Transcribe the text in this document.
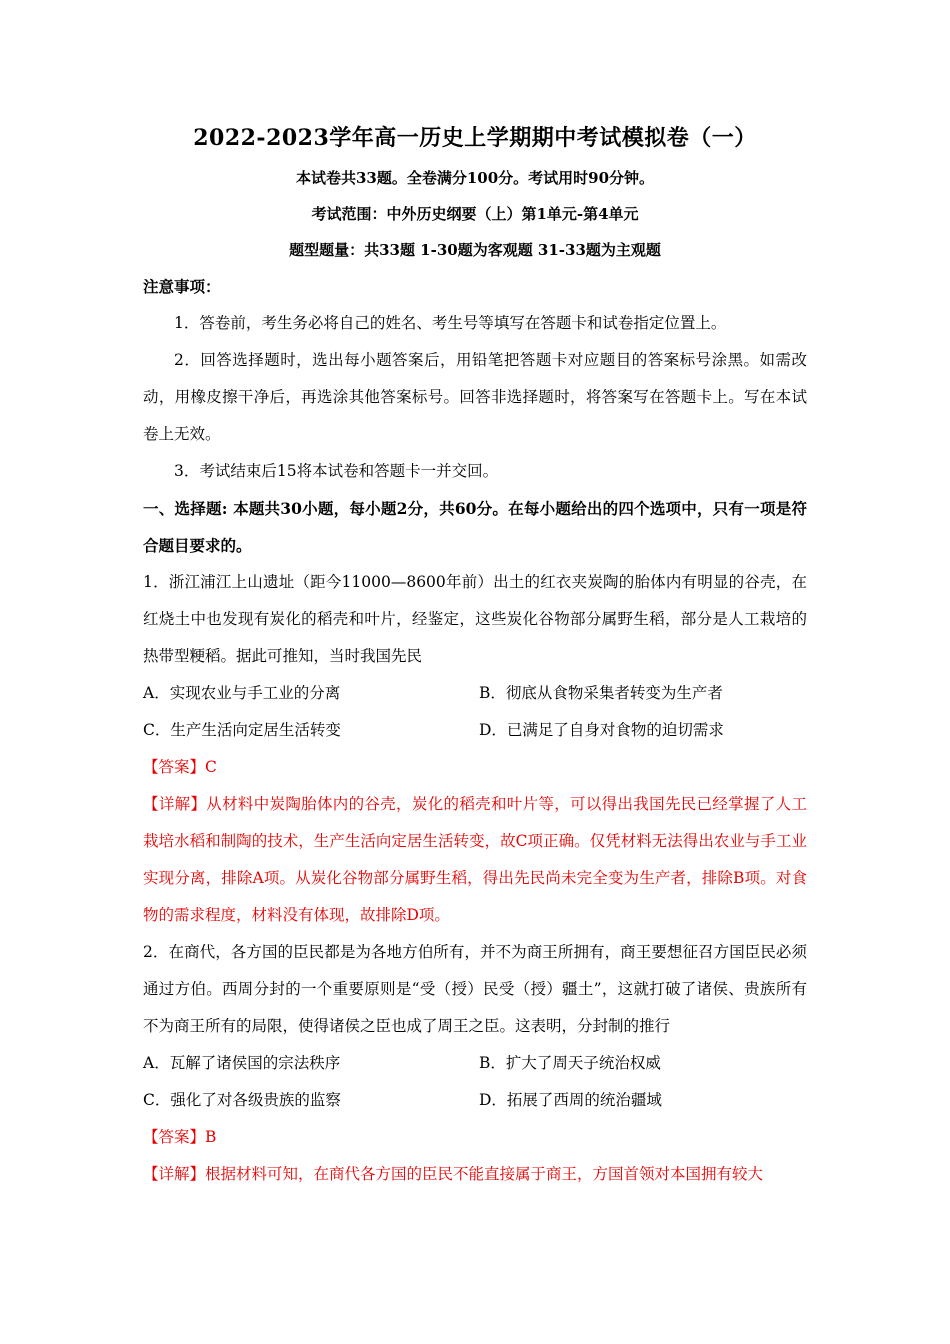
2022-2023学年高一历史上学期期中考试模拟卷（一）
本试卷共33题。全卷满分100分。考试用时90分钟。
考试范围：中外历史纲要（上）第1单元-第4单元
题型题量：共33题 1-30题为客观题 31-33题为主观题
注意事项：
1．答卷前，考生务必将自己的姓名、考生号等填写在答题卡和试卷指定位置上。
2．回答选择题时，选出每小题答案后，用铅笔把答题卡对应题目的答案标号涂黑。如需改动，用橡皮擦干净后，再选涂其他答案标号。回答非选择题时，将答案写在答题卡上。写在本试卷上无效。
3．考试结束后15将本试卷和答题卡一并交回。
一、选择题: 本题共30小题，每小题2分，共60分。在每小题给出的四个选项中，只有一项是符合题目要求的。
1．浙江浦江上山遗址（距今11000—8600年前）出土的红衣夹炭陶的胎体内有明显的谷壳，在红烧土中也发现有炭化的稻壳和叶片，经鉴定，这些炭化谷物部分属野生稻，部分是人工栽培的热带型粳稻。据此可推知，当时我国先民
A．实现农业与手工业的分离	B．彻底从食物采集者转变为生产者
C．生产生活向定居生活转变	D．已满足了自身对食物的迫切需求
【答案】C
【详解】从材料中炭陶胎体内的谷壳，炭化的稻壳和叶片等，可以得出我国先民已经掌握了人工栽培水稻和制陶的技术，生产生活向定居生活转变，故C项正确。仅凭材料无法得出农业与手工业实现分离，排除A项。从炭化谷物部分属野生稻，得出先民尚未完全变为生产者，排除B项。对食物的需求程度，材料没有体现，故排除D项。
2．在商代，各方国的臣民都是为各地方伯所有，并不为商王所拥有，商王要想征召方国臣民必须通过方伯。西周分封的一个重要原则是“受（授）民受（授）疆土”，这就打破了诸侯、贵族所有不为商王所有的局限，使得诸侯之臣也成了周王之臣。这表明，分封制的推行
A．瓦解了诸侯国的宗法秩序	B．扩大了周天子统治权威
C．强化了对各级贵族的监察	D．拓展了西周的统治疆域
【答案】B
【详解】根据材料可知，在商代各方国的臣民不能直接属于商王，方国首领对本国拥有较大
